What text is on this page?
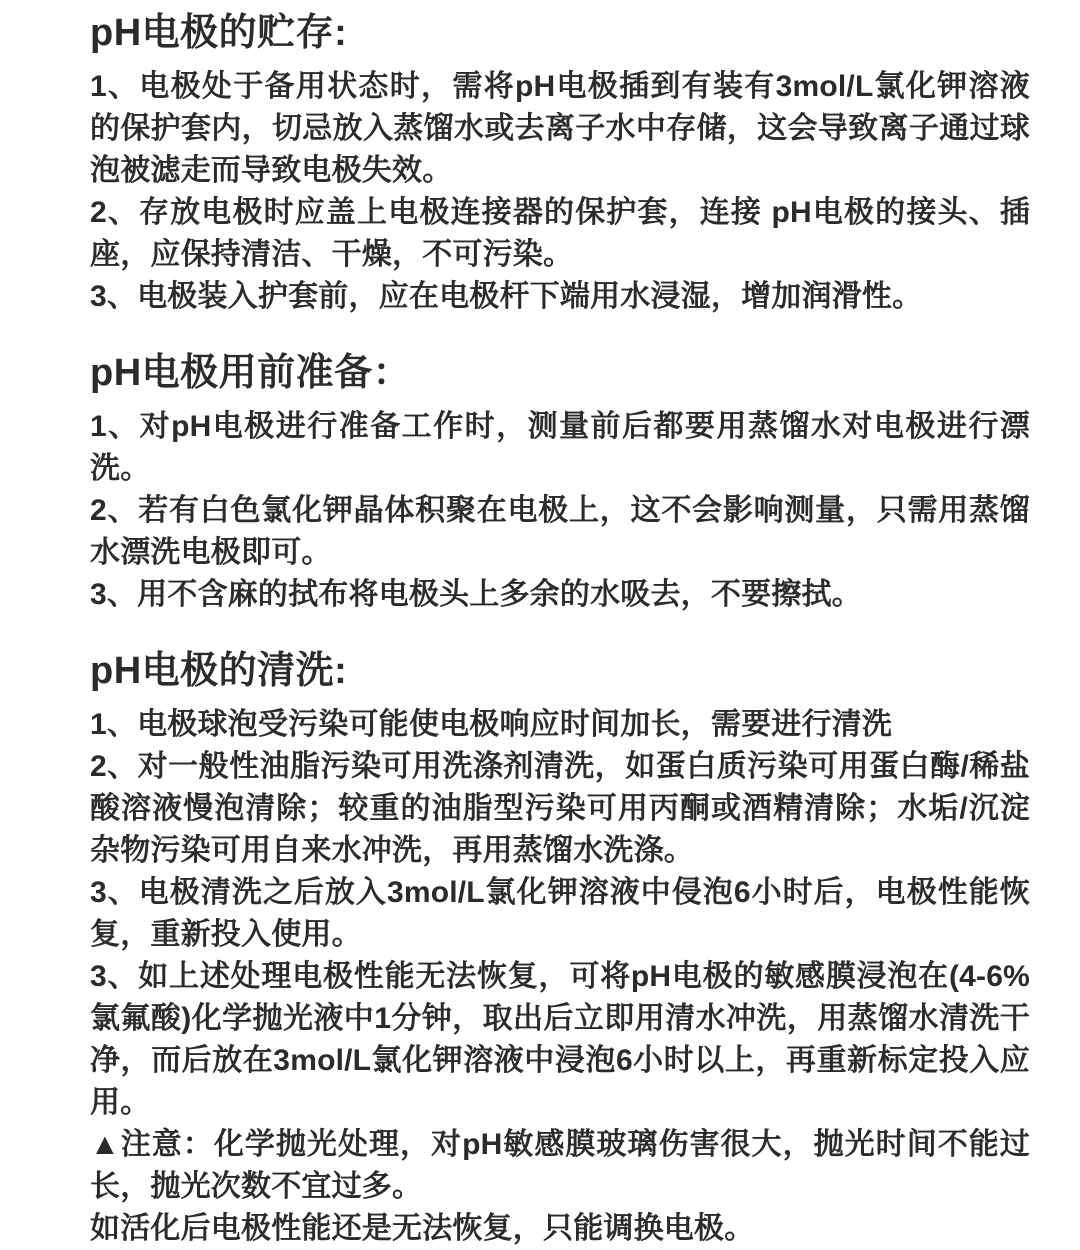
pH电极的贮存:

1、电极处于备用状态时，需将pH电极插到有装有3mol/L氯化钾溶液的保护套内，切忌放入蒸馏水或去离子水中存储，这会导致离子通过球泡被滤走而导致电极失效。

2、存放电极时应盖上电极连接器的保护套，连接 pH电极的接头、插座，应保持清洁、干燥，不可污染。

3、电极装入护套前，应在电极杆下端用水浸湿，增加润滑性。

pH电极用前准备：

1、对pH电极进行准备工作时，测量前后都要用蒸馏水对电极进行漂洗。

2、若有白色氯化钾晶体积聚在电极上，这不会影响测量，只需用蒸馏水漂洗电极即可。

3、用不含麻的拭布将电极头上多余的水吸去，不要擦拭。

pH电极的清洗:

1、电极球泡受污染可能使电极响应时间加长，需要进行清洗

2、对一般性油脂污染可用洗涤剂清洗，如蛋白质污染可用蛋白酶/稀盐酸溶液慢泡清除；较重的油脂型污染可用丙酮或酒精清除；水垢/沉淀杂物污染可用自来水冲洗，再用蒸馏水洗涤。

3、电极清洗之后放入3mol/L氯化钾溶液中侵泡6小时后，电极性能恢复，重新投入使用。

3、如上述处理电极性能无法恢复，可将pH电极的敏感膜浸泡在(4-6%氯氟酸)化学抛光液中1分钟，取出后立即用清水冲洗，用蒸馏水清洗干净，而后放在3mol/L氯化钾溶液中浸泡6小时以上，再重新标定投入应用。

▲注意：化学抛光处理，对pH敏感膜玻璃伤害很大，抛光时间不能过长，抛光次数不宜过多。

如活化后电极性能还是无法恢复，只能调换电极。
